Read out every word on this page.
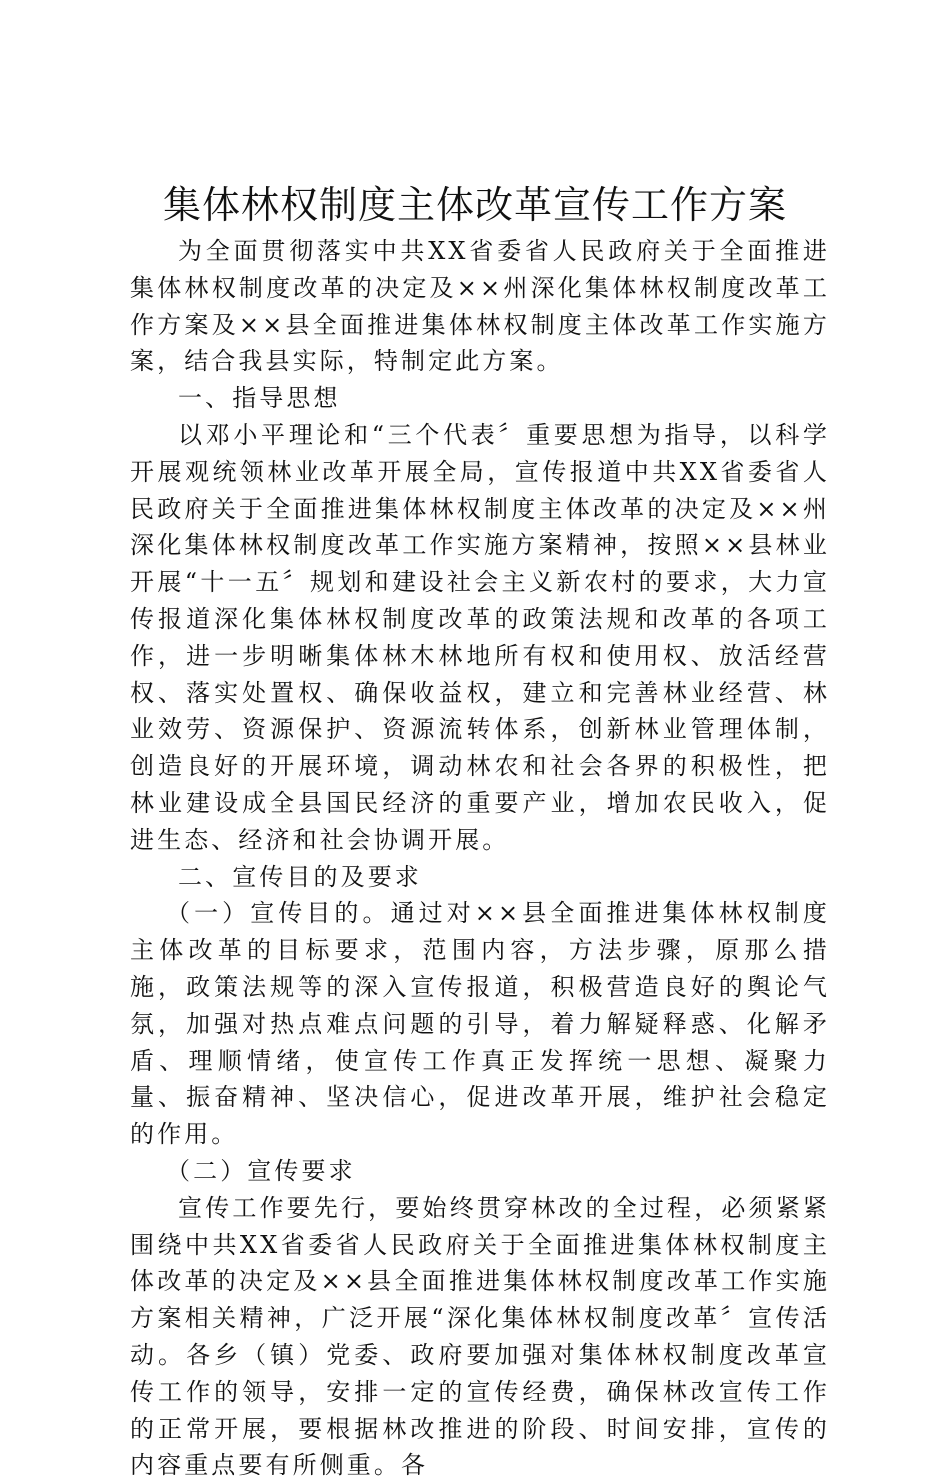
集体林权制度主体改革宣传工作方案

为全面贯彻落实中共XX省委省人民政府关于全面推进集体林权制度改革的决定及××州深化集体林权制度改革工作方案及××县全面推进集体林权制度主体改革工作实施方案，结合我县实际，特制定此方案。

一、指导思想

以邓小平理论和“三个代表〞重要思想为指导，以科学开展观统领林业改革开展全局，宣传报道中共XX省委省人民政府关于全面推进集体林权制度主体改革的决定及××州深化集体林权制度改革工作实施方案精神，按照××县林业开展“十一五〞规划和建设社会主义新农村的要求，大力宣传报道深化集体林权制度改革的政策法规和改革的各项工作，进一步明晰集体林木林地所有权和使用权、放活经营权、落实处置权、确保收益权，建立和完善林业经营、林业效劳、资源保护、资源流转体系，创新林业管理体制，创造良好的开展环境，调动林农和社会各界的积极性，把林业建设成全县国民经济的重要产业，增加农民收入，促进生态、经济和社会协调开展。

二、宣传目的及要求

（一）宣传目的。通过对××县全面推进集体林权制度主体改革的目标要求，范围内容，方法步骤，原那么措施，政策法规等的深入宣传报道，积极营造良好的舆论气氛，加强对热点难点问题的引导，着力解疑释惑、化解矛盾、理顺情绪，使宣传工作真正发挥统一思想、凝聚力量、振奋精神、坚决信心，促进改革开展，维护社会稳定的作用。

（二）宣传要求

宣传工作要先行，要始终贯穿林改的全过程，必须紧紧围绕中共XX省委省人民政府关于全面推进集体林权制度主体改革的决定及××县全面推进集体林权制度改革工作实施方案相关精神，广泛开展“深化集体林权制度改革〞宣传活动。各乡（镇）党委、政府要加强对集体林权制度改革宣传工作的领导，安排一定的宣传经费，确保林改宣传工作的正常开展，要根据林改推进的阶段、时间安排，宣传的内容重点要有所侧重。各
